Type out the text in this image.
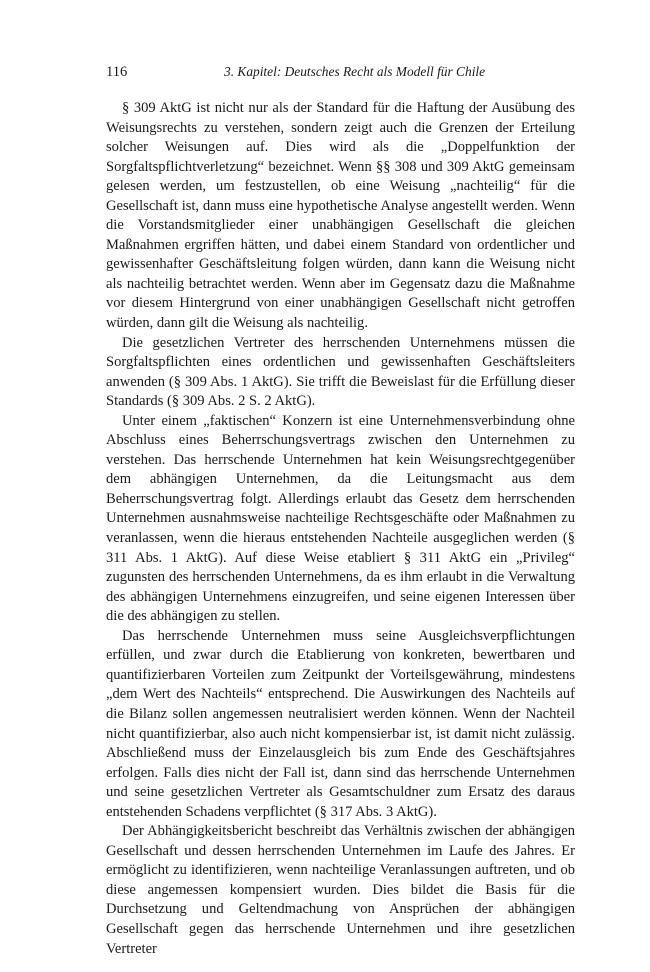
116	3. Kapitel: Deutsches Recht als Modell für Chile

§ 309 AktG ist nicht nur als der Standard für die Haftung der Ausübung des Weisungsrechts zu verstehen, sondern zeigt auch die Grenzen der Erteilung solcher Weisungen auf. Dies wird als die „Doppelfunktion der Sorgfaltspflichtverletzung“ bezeichnet. Wenn §§ 308 und 309 AktG gemeinsam gelesen werden, um festzustellen, ob eine Weisung „nachteilig“ für die Gesellschaft ist, dann muss eine hypothetische Analyse angestellt werden. Wenn die Vorstandsmitglieder einer unabhängigen Gesellschaft die gleichen Maßnahmen ergriffen hätten, und dabei einem Standard von ordentlicher und gewissenhafter Geschäftsleitung folgen würden, dann kann die Weisung nicht als nachteilig betrachtet werden. Wenn aber im Gegensatz dazu die Maßnahme vor diesem Hintergrund von einer unabhängigen Gesellschaft nicht getroffen würden, dann gilt die Weisung als nachteilig.

Die gesetzlichen Vertreter des herrschenden Unternehmens müssen die Sorgfaltspflichten eines ordentlichen und gewissenhaften Geschäftsleiters anwenden (§ 309 Abs. 1 AktG). Sie trifft die Beweislast für die Erfüllung dieser Standards (§ 309 Abs. 2 S. 2 AktG).

Unter einem „faktischen“ Konzern ist eine Unternehmensverbindung ohne Abschluss eines Beherrschungsvertrags zwischen den Unternehmen zu verstehen. Das herrschende Unternehmen hat kein Weisungsrechtgegenüber dem abhängigen Unternehmen, da die Leitungsmacht aus dem Beherrschungsvertrag folgt. Allerdings erlaubt das Gesetz dem herrschenden Unternehmen ausnahmsweise nachteilige Rechtsgeschäfte oder Maßnahmen zu veranlassen, wenn die hieraus entstehenden Nachteile ausgeglichen werden (§ 311 Abs. 1 AktG). Auf diese Weise etabliert § 311 AktG ein „Privileg“ zugunsten des herrschenden Unternehmens, da es ihm erlaubt in die Verwaltung des abhängigen Unternehmens einzugreifen, und seine eigenen Interessen über die des abhängigen zu stellen.

Das herrschende Unternehmen muss seine Ausgleichsverpflichtungen erfüllen, und zwar durch die Etablierung von konkreten, bewertbaren und quantifizierbaren Vorteilen zum Zeitpunkt der Vorteilsgewährung, mindestens „dem Wert des Nachteils“ entsprechend. Die Auswirkungen des Nachteils auf die Bilanz sollen angemessen neutralisiert werden können. Wenn der Nachteil nicht quantifizierbar, also auch nicht kompensierbar ist, ist damit nicht zulässig. Abschließend muss der Einzelausgleich bis zum Ende des Geschäftsjahres erfolgen. Falls dies nicht der Fall ist, dann sind das herrschende Unternehmen und seine gesetzlichen Vertreter als Gesamtschuldner zum Ersatz des daraus entstehenden Schadens verpflichtet (§ 317 Abs. 3 AktG).

Der Abhängigkeitsbericht beschreibt das Verhältnis zwischen der abhängigen Gesellschaft und dessen herrschenden Unternehmen im Laufe des Jahres. Er ermöglicht zu identifizieren, wenn nachteilige Veranlassungen auftreten, und ob diese angemessen kompensiert wurden. Dies bildet die Basis für die Durchsetzung und Geltendmachung von Ansprüchen der abhängigen Gesellschaft gegen das herrschende Unternehmen und ihre gesetzlichen Vertreter
